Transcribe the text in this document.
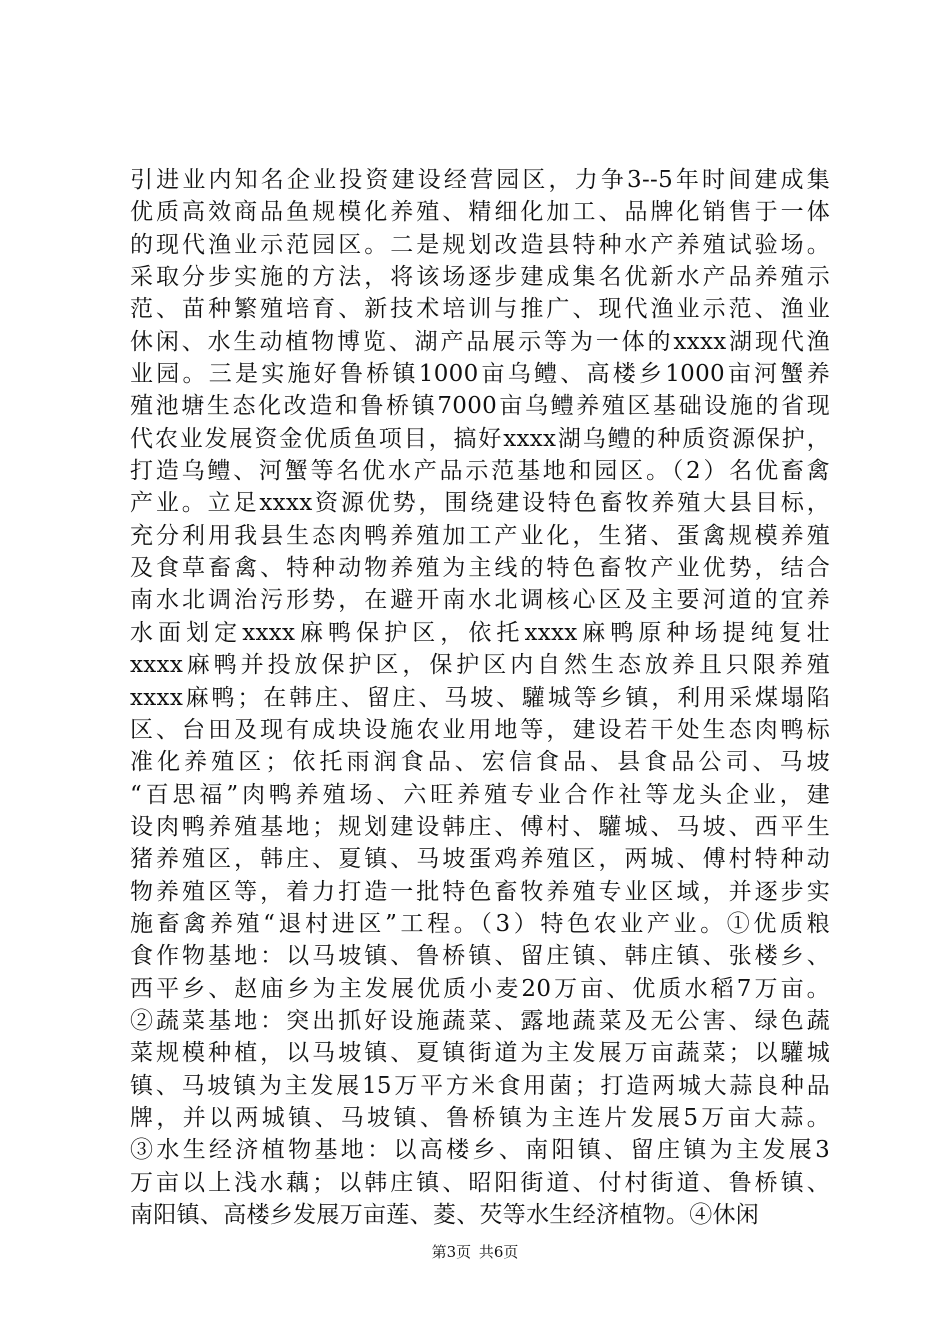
引进业内知名企业投资建设经营园区，力争3--5年时间建成集
优质高效商品鱼规模化养殖、精细化加工、品牌化销售于一体
的现代渔业示范园区。二是规划改造县特种水产养殖试验场。
采取分步实施的方法，将该场逐步建成集名优新水产品养殖示
范、苗种繁殖培育、新技术培训与推广、现代渔业示范、渔业
休闲、水生动植物博览、湖产品展示等为一体的xxxx湖现代渔
业园。三是实施好鲁桥镇1000亩乌鳢、高楼乡1000亩河蟹养
殖池塘生态化改造和鲁桥镇7000亩乌鳢养殖区基础设施的省现
代农业发展资金优质鱼项目，搞好xxxx湖乌鳢的种质资源保护，
打造乌鳢、河蟹等名优水产品示范基地和园区。（2）名优畜禽
产业。立足xxxx资源优势，围绕建设特色畜牧养殖大县目标，
充分利用我县生态肉鸭养殖加工产业化，生猪、蛋禽规模养殖
及食草畜禽、特种动物养殖为主线的特色畜牧产业优势，结合
南水北调治污形势，在避开南水北调核心区及主要河道的宜养
水面划定xxxx麻鸭保护区，依托xxxx麻鸭原种场提纯复壮
xxxx麻鸭并投放保护区，保护区内自然生态放养且只限养殖
xxxx麻鸭；在韩庄、留庄、马坡、驩城等乡镇，利用采煤塌陷
区、台田及现有成块设施农业用地等，建设若干处生态肉鸭标
准化养殖区；依托雨润食品、宏信食品、县食品公司、马坡
“百思福”肉鸭养殖场、六旺养殖专业合作社等龙头企业，建
设肉鸭养殖基地；规划建设韩庄、傅村、驩城、马坡、西平生
猪养殖区，韩庄、夏镇、马坡蛋鸡养殖区，两城、傅村特种动
物养殖区等，着力打造一批特色畜牧养殖专业区域，并逐步实
施畜禽养殖“退村进区”工程。（3）特色农业产业。①优质粮
食作物基地：以马坡镇、鲁桥镇、留庄镇、韩庄镇、张楼乡、
西平乡、赵庙乡为主发展优质小麦20万亩、优质水稻7万亩。
②蔬菜基地：突出抓好设施蔬菜、露地蔬菜及无公害、绿色蔬
菜规模种植，以马坡镇、夏镇街道为主发展万亩蔬菜；以驩城
镇、马坡镇为主发展15万平方米食用菌；打造两城大蒜良种品
牌，并以两城镇、马坡镇、鲁桥镇为主连片发展5万亩大蒜。
③水生经济植物基地：以高楼乡、南阳镇、留庄镇为主发展3
万亩以上浅水藕；以韩庄镇、昭阳街道、付村街道、鲁桥镇、
南阳镇、高楼乡发展万亩莲、菱、芡等水生经济植物。④休闲
第3页 共6页
